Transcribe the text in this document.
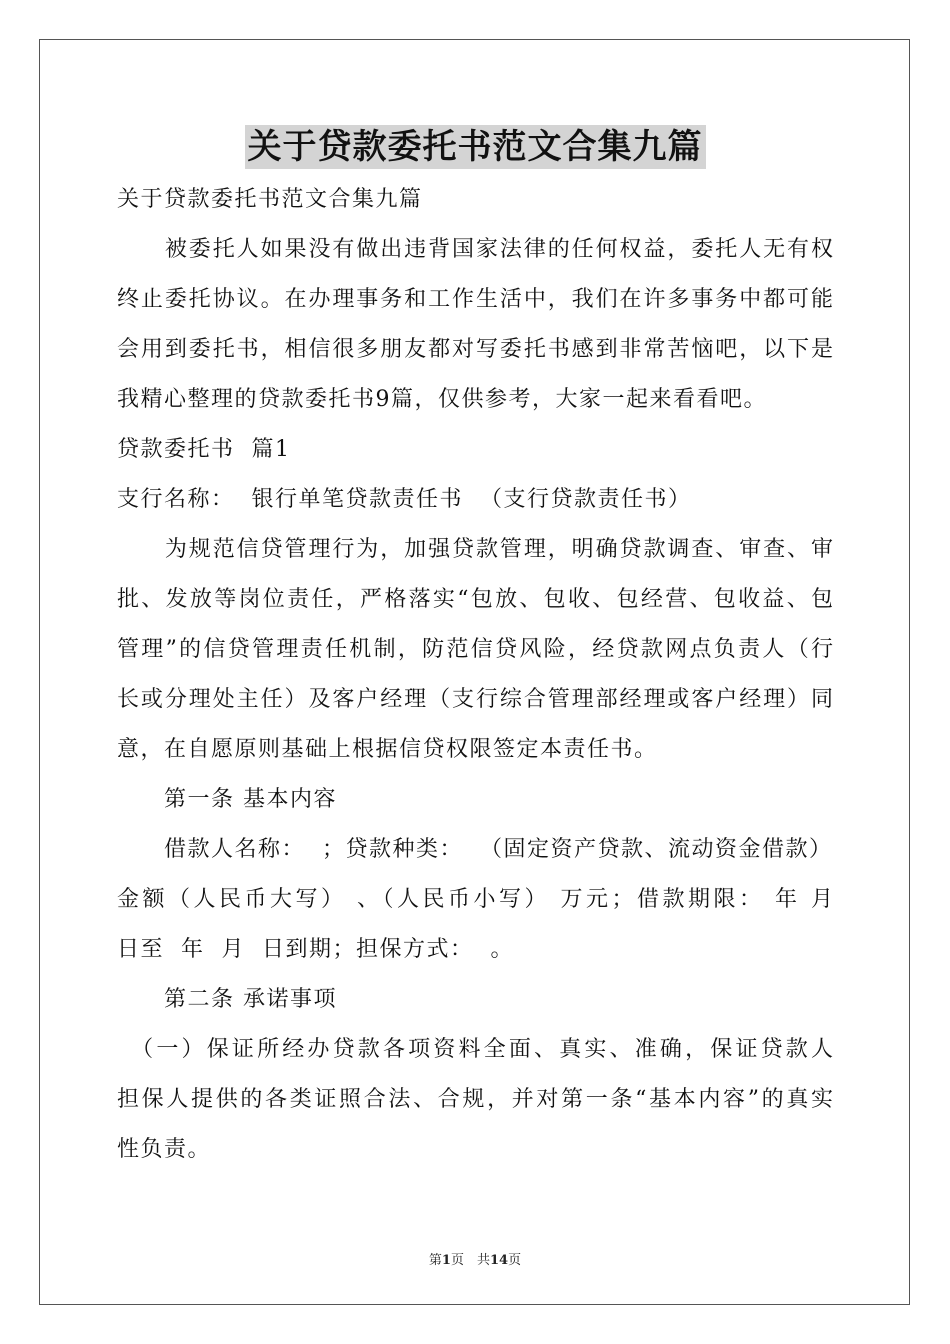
关于贷款委托书范文合集九篇
关于贷款委托书范文合集九篇
　　被委托人如果没有做出违背国家法律的任何权益，委托人无有权
终止委托协议。在办理事务和工作生活中，我们在许多事务中都可能
会用到委托书，相信很多朋友都对写委托书感到非常苦恼吧，以下是
我精心整理的贷款委托书9篇，仅供参考，大家一起来看看吧。
贷款委托书  篇1
支行名称：  银行单笔贷款责任书  （支行贷款责任书）
　　为规范信贷管理行为，加强贷款管理，明确贷款调查、审查、审
批、发放等岗位责任，严格落实“包放、包收、包经营、包收益、包
管理”的信贷管理责任机制，防范信贷风险，经贷款网点负责人（行
长或分理处主任）及客户经理（支行综合管理部经理或客户经理）同
意，在自愿原则基础上根据信贷权限签定本责任书。
　　第一条 基本内容
　　借款人名称：  ；贷款种类：  （固定资产贷款、流动资金借款）
金额（人民币大写） 、（人民币小写） 万元；借款期限： 年 月
日至  年  月  日到期；担保方式：  。
　　第二条 承诺事项
　（一）保证所经办贷款各项资料全面、真实、准确，保证贷款人
担保人提供的各类证照合法、合规，并对第一条“基本内容”的真实
性负责。
第1页　共14页
